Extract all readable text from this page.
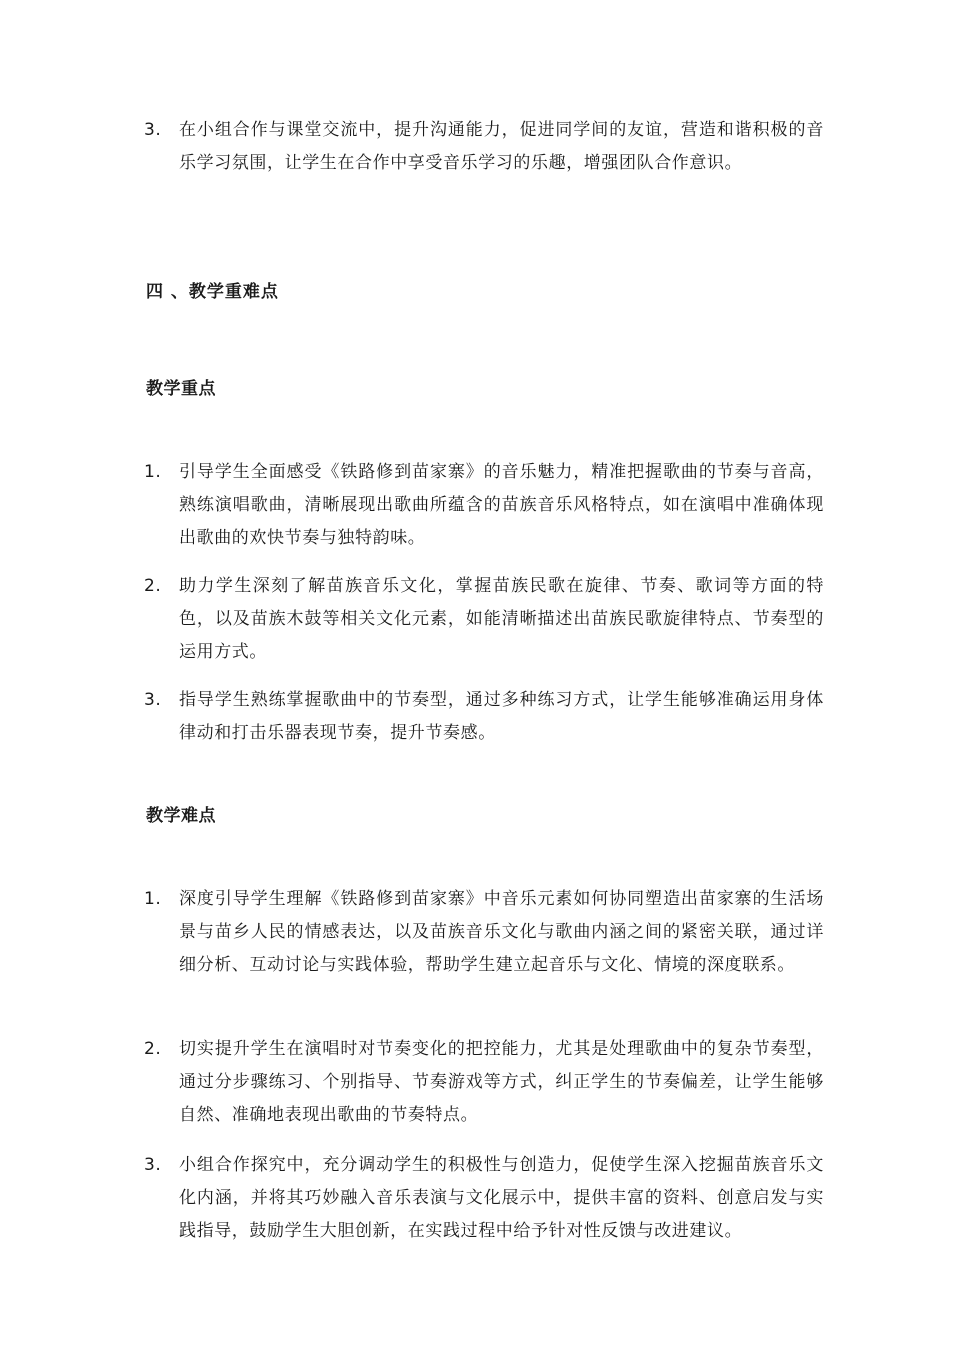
3.	在小组合作与课堂交流中，提升沟通能力，促进同学间的友谊，营造和谐积极的音乐学习氛围，让学生在合作中享受音乐学习的乐趣，增强团队合作意识。
四 、教学重难点
教学重点
1.	引导学生全面感受《铁路修到苗家寨》的音乐魅力，精准把握歌曲的节奏与音高，熟练演唱歌曲，清晰展现出歌曲所蕴含的苗族音乐风格特点，如在演唱中准确体现出歌曲的欢快节奏与独特韵味。
2.	助力学生深刻了解苗族音乐文化，掌握苗族民歌在旋律、节奏、歌词等方面的特色，以及苗族木鼓等相关文化元素，如能清晰描述出苗族民歌旋律特点、节奏型的运用方式。
3.	指导学生熟练掌握歌曲中的节奏型，通过多种练习方式，让学生能够准确运用身体律动和打击乐器表现节奏，提升节奏感。
教学难点
1.	深度引导学生理解《铁路修到苗家寨》中音乐元素如何协同塑造出苗家寨的生活场景与苗乡人民的情感表达，以及苗族音乐文化与歌曲内涵之间的紧密关联，通过详细分析、互动讨论与实践体验，帮助学生建立起音乐与文化、情境的深度联系。
2.	切实提升学生在演唱时对节奏变化的把控能力，尤其是处理歌曲中的复杂节奏型，通过分步骤练习、个别指导、节奏游戏等方式，纠正学生的节奏偏差，让学生能够自然、准确地表现出歌曲的节奏特点。
3.	小组合作探究中，充分调动学生的积极性与创造力，促使学生深入挖掘苗族音乐文化内涵，并将其巧妙融入音乐表演与文化展示中，提供丰富的资料、创意启发与实践指导，鼓励学生大胆创新，在实践过程中给予针对性反馈与改进建议。
